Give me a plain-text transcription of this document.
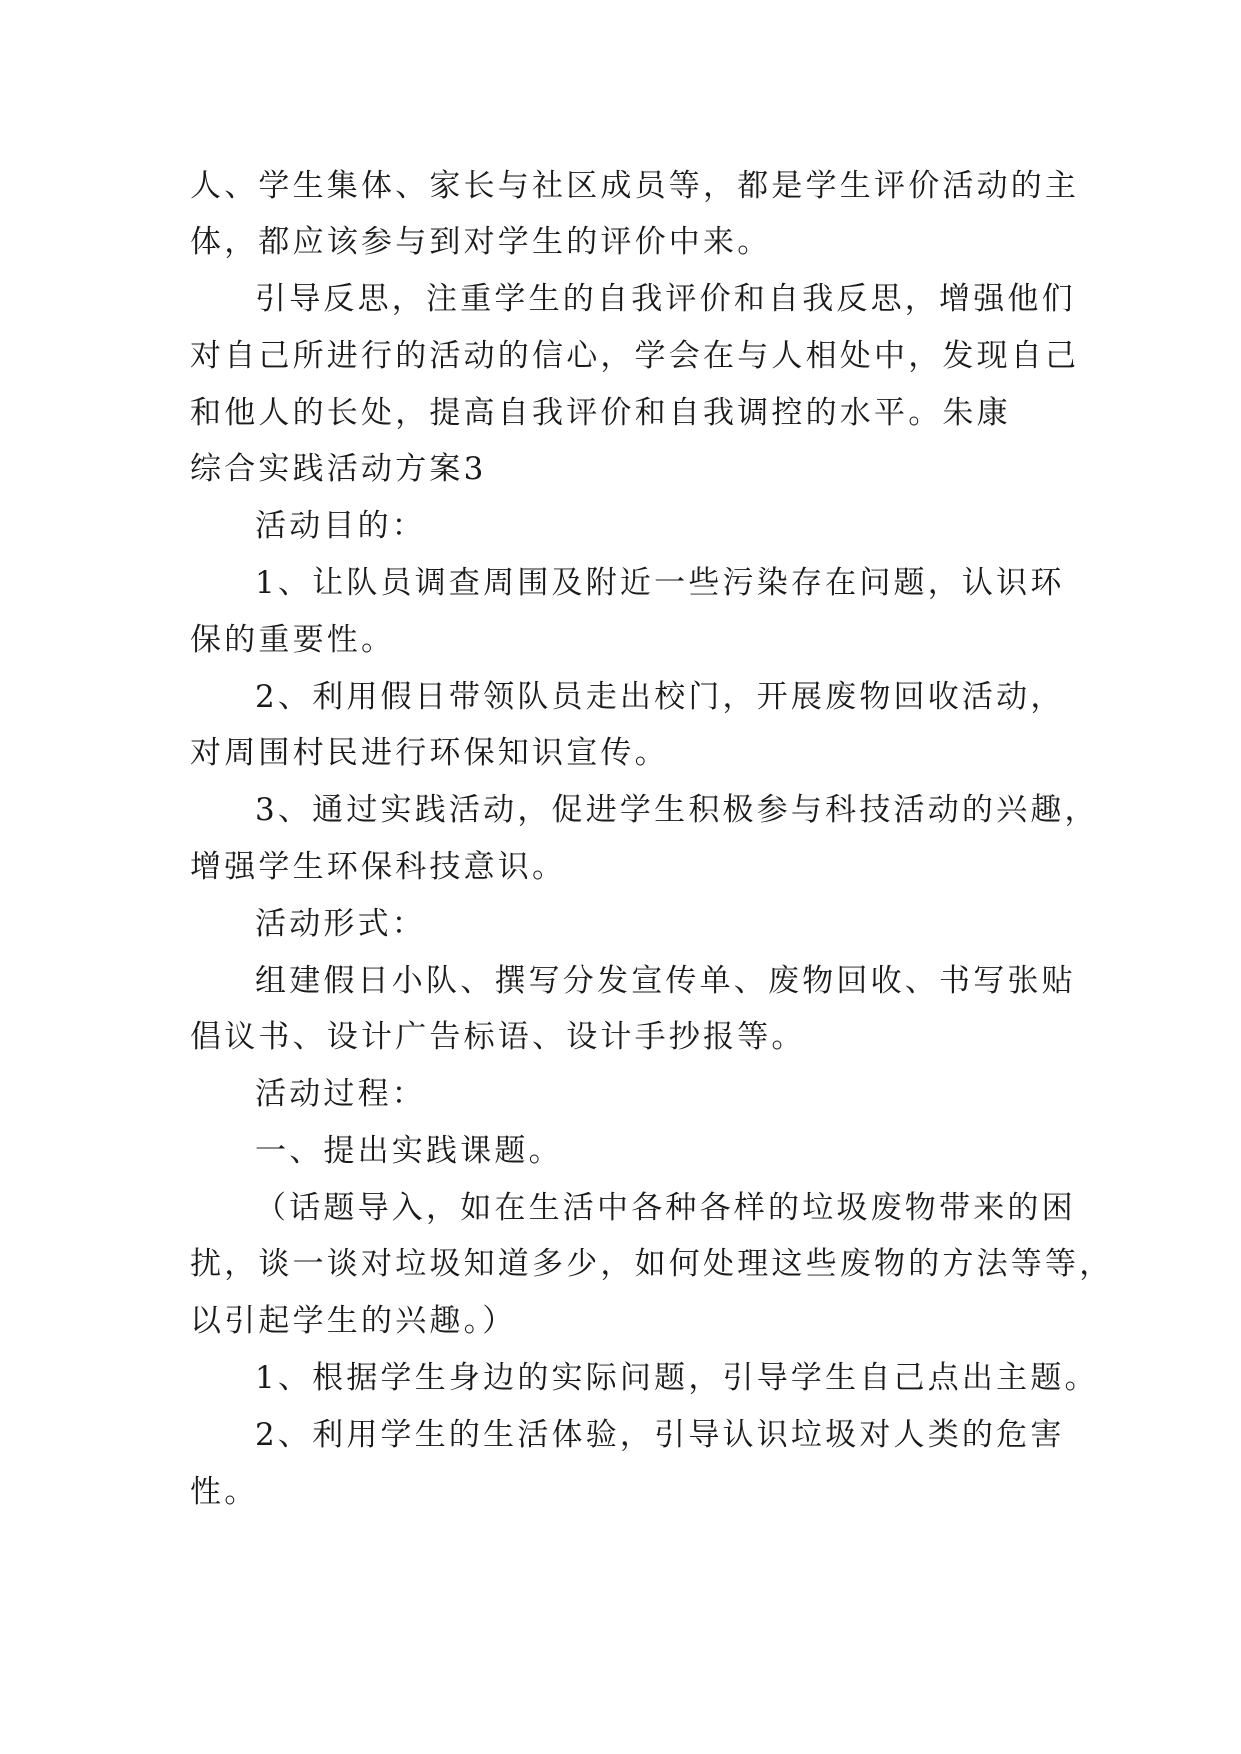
人、学生集体、家长与社区成员等，都是学生评价活动的主
体，都应该参与到对学生的评价中来。
引导反思，注重学生的自我评价和自我反思，增强他们
对自己所进行的活动的信心，学会在与人相处中，发现自己
和他人的长处，提高自我评价和自我调控的水平。朱康
综合实践活动方案3
活动目的：
1、让队员调查周围及附近一些污染存在问题，认识环
保的重要性。
2、利用假日带领队员走出校门，开展废物回收活动，
对周围村民进行环保知识宣传。
3、通过实践活动，促进学生积极参与科技活动的兴趣，
增强学生环保科技意识。
活动形式：
组建假日小队、撰写分发宣传单、废物回收、书写张贴
倡议书、设计广告标语、设计手抄报等。
活动过程：
一、提出实践课题。
（话题导入，如在生活中各种各样的垃圾废物带来的困
扰，谈一谈对垃圾知道多少，如何处理这些废物的方法等等，
以引起学生的兴趣。）
1、根据学生身边的实际问题，引导学生自己点出主题。
2、利用学生的生活体验，引导认识垃圾对人类的危害
性。
